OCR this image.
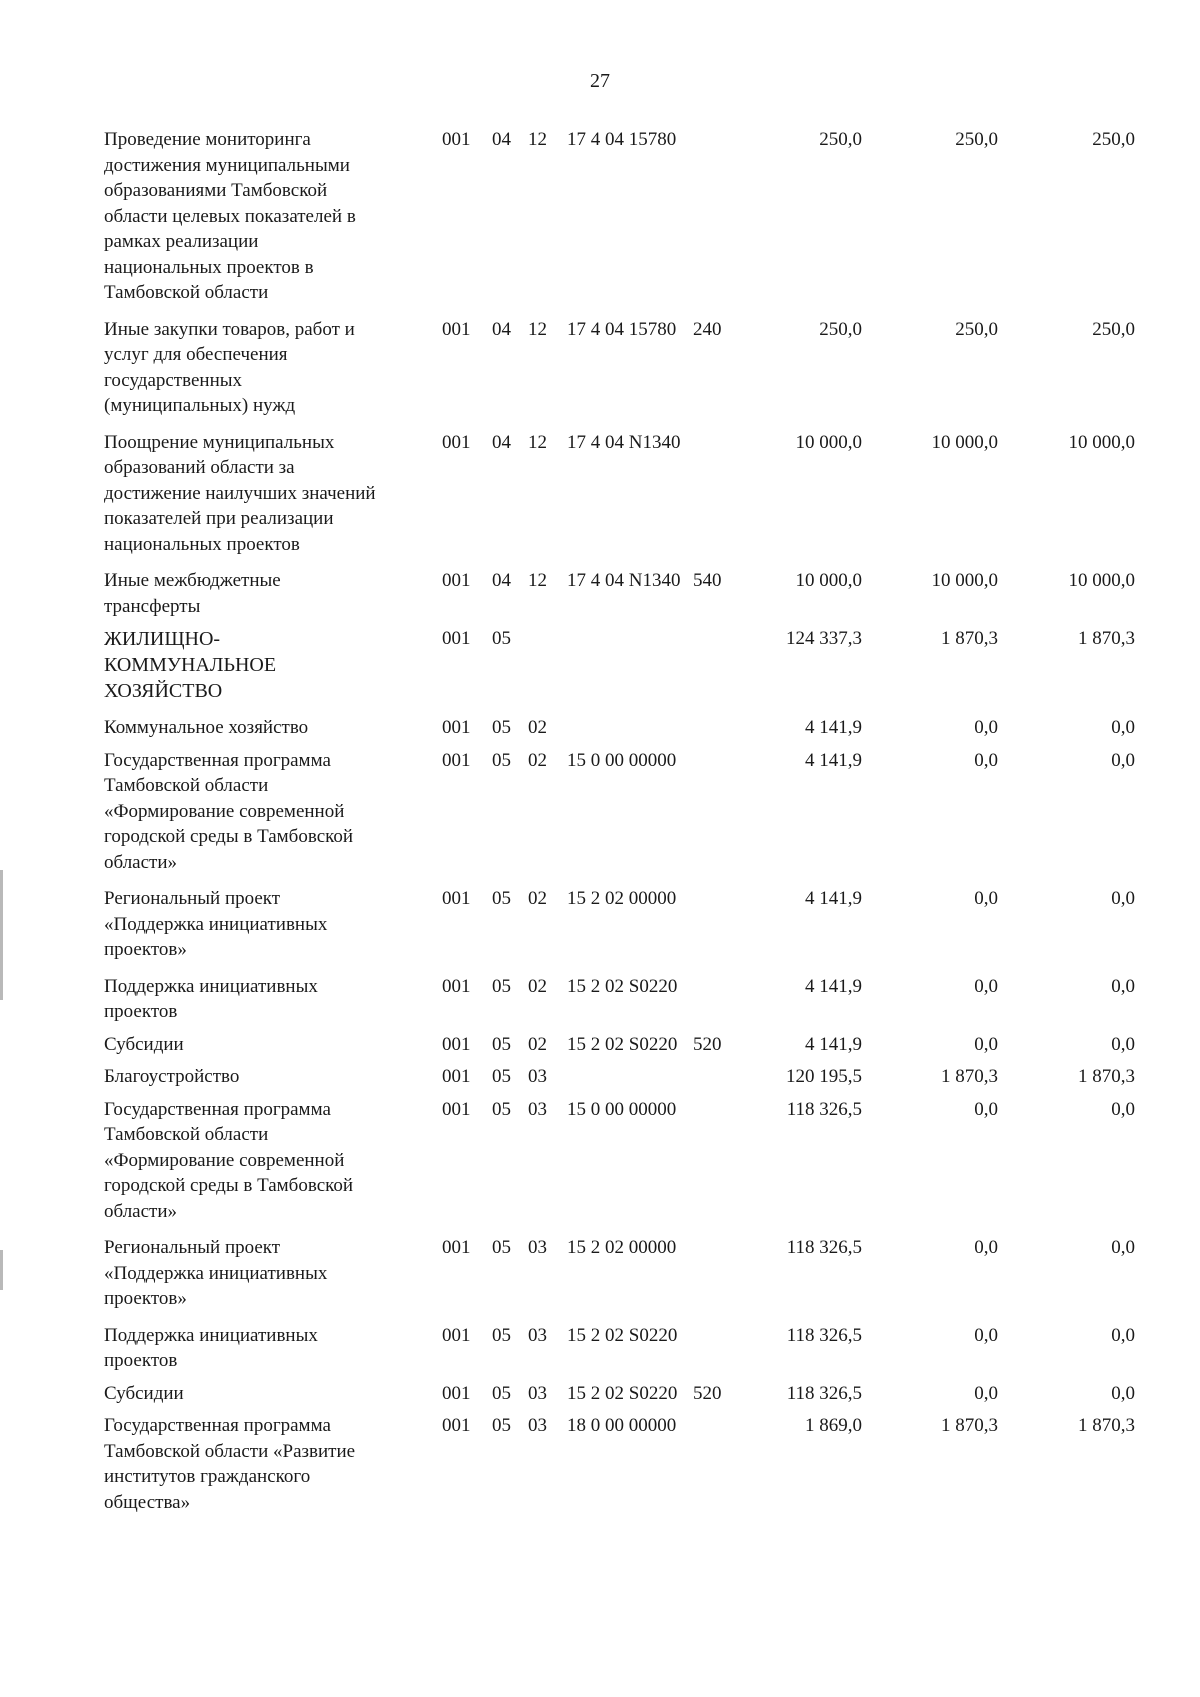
27
Проведение мониторинга
достижения муниципальными
образованиями Тамбовской
области целевых показателей в
рамках реализации
национальных проектов в
Тамбовской области
001 04 12 17 4 04 15780	250,0	250,0	250,0
Иные закупки товаров, работ и
услуг для обеспечения
государственных
(муниципальных) нужд
001 04 12 17 4 04 15780 240	250,0	250,0	250,0
Поощрение муниципальных
образований области за
достижение наилучших значений
показателей при реализации
национальных проектов
001 04 12 17 4 04 N1340	10 000,0	10 000,0	10 000,0
Иные межбюджетные
трансферты
001 04 12 17 4 04 N1340 540	10 000,0	10 000,0	10 000,0
ЖИЛИЩНО-
КОММУНАЛЬНОЕ
ХОЗЯЙСТВО
001 05	124 337,3	1 870,3	1 870,3
Коммунальное хозяйство	001 05 02	4 141,9	0,0	0,0
Государственная программа
Тамбовской области
«Формирование современной
городской среды в Тамбовской
области»
001 05 02 15 0 00 00000	4 141,9	0,0	0,0
Региональный проект
«Поддержка инициативных
проектов»
001 05 02 15 2 02 00000	4 141,9	0,0	0,0
Поддержка инициативных
проектов
001 05 02 15 2 02 S0220	4 141,9	0,0	0,0
Субсидии	001 05 02 15 2 02 S0220 520	4 141,9	0,0	0,0
Благоустройство	001 05 03	120 195,5	1 870,3	1 870,3
Государственная программа
Тамбовской области
«Формирование современной
городской среды в Тамбовской
области»
001 05 03 15 0 00 00000	118 326,5	0,0	0,0
Региональный проект
«Поддержка инициативных
проектов»
001 05 03 15 2 02 00000	118 326,5	0,0	0,0
Поддержка инициативных
проектов
001 05 03 15 2 02 S0220	118 326,5	0,0	0,0
Субсидии	001 05 03 15 2 02 S0220 520	118 326,5	0,0	0,0
Государственная программа
Тамбовской области «Развитие
институтов гражданского
общества»
001 05 03 18 0 00 00000	1 869,0	1 870,3	1 870,3
